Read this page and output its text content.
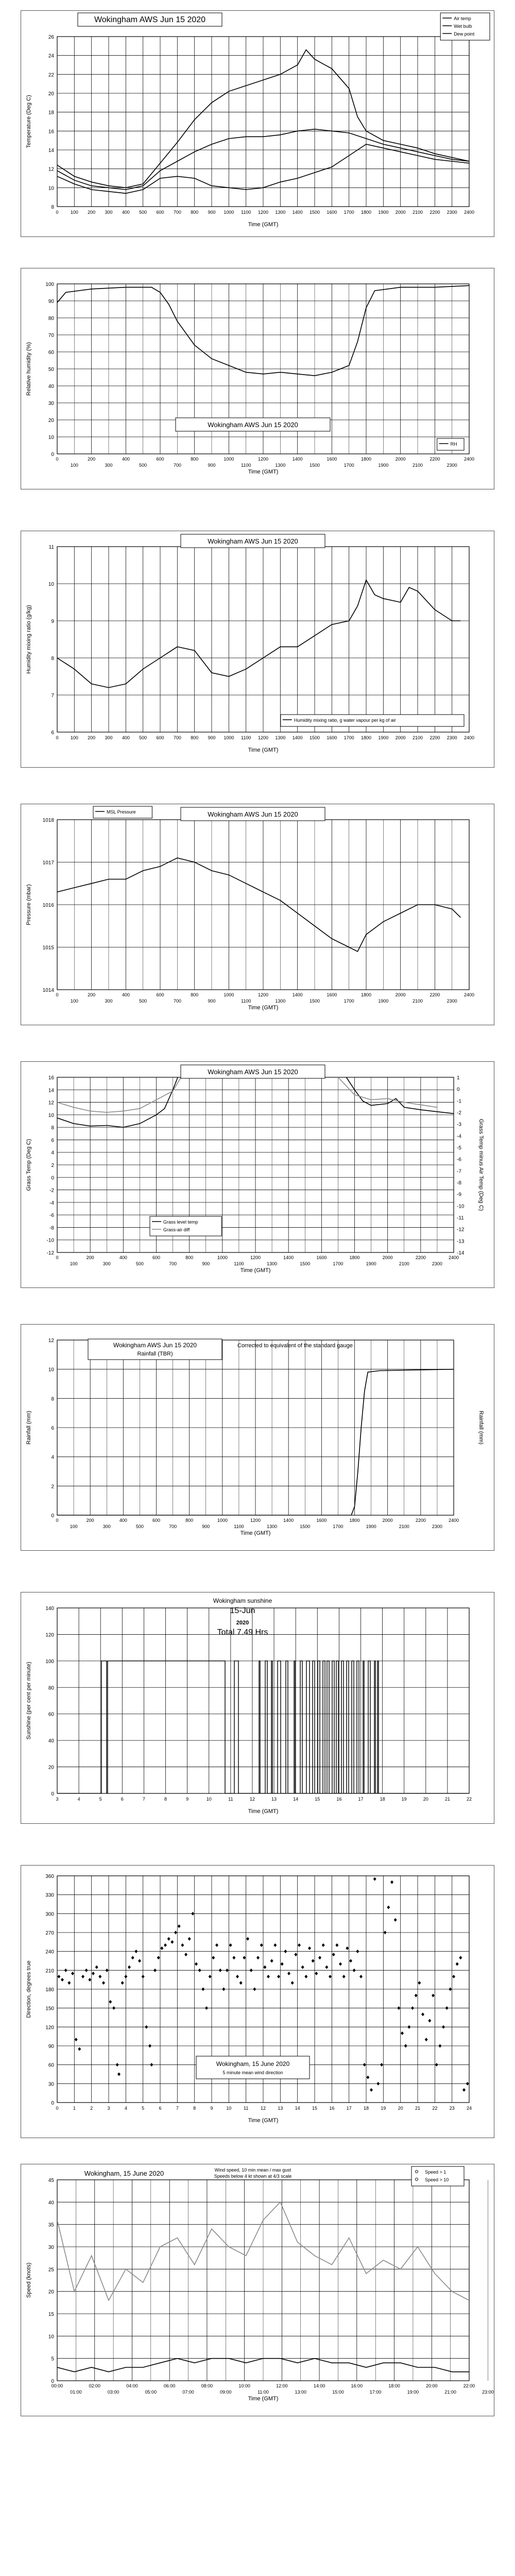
8
10
12
14
16
18
20
22
24
26
0	100 200 300 400 500 600 700 800 900 1000 1100 1200 1300 1400 1500 1600 1700 1800 1900 2000 2100 2200 2300 2400
Time (GMT)
Temperature (Deg C)
Wokingham AWS Jun 15 2020	Air temp
Wet bulb
Dew point
0
10
20
30
40
50
60
70
80
90
100
0	200	400	600	800	1000	1200	1400	1600	1800	2000	2200	2400
100	300	500	700	900	1100	1300	1500	1700	1900	2100	2300
Time (GMT)
Relative humidity (%)
Wokingham AWS Jun 15 2020
RH
6
7
8
9
10
11
0	100 200 300 400 500 600 700 800 900 1000 1100 1200 1300 1400 1500 1600 1700 1800 1900 2000 2100 2200 2300 2400
Time (GMT)
Humidity mixing ratio (g/kg)
Wokingham AWS Jun 15 2020
Humidity mixing ratio, g water vapour per kg of air
1014
1015
1016
1017
1018
0	200	400	600	800	1000	1200	1400	1600	1800	2000	2200	2400
100	300	500	700	900	1100	1300	1500	1700	1900	2100	2300
Time (GMT)
Pressure (mbar)
Wokingham AWS Jun 15 2020
MSL Pressure
-12
-10
-8
-6
-4
-2
0
2
4
6
8
10
12
14
16
-14
-13
-12
-11
-10
-9
-8
-7
-6
-5
-4
-3
-2
-1
0
1
0	200	400	600	800	1000	1200	1400	1600	1800	2000	2200	2400
100	300	500	700	900	1100	1300	1500	1700	1900	2100	2300
Time (GMT)
Grass Temp (Deg C)	Grass Temp minus Air Temp (Deg C)
Wokingham AWS Jun 15 2020
Grass level temp
Grass-air diff
0
2
4
6
8
10
12
0	200	400	600	800	1000	1200	1400	1600	1800	2000	2200	2400
100	300	500	700	900	1100	1300	1500	1700	1900	2100	2300
Time (GMT)
Rainfall (mm)	Rainfall (mm)
Wokingham AWS Jun 15 2020
Rainfall (TBR)
Corrected to equivalent of the standard gauge
0
20
40
60
80
100
120
140
3	4	5	6	7	8	9	10	11	12	13	14	15	16	17	18	19	20	21	22
Time (GMT)
Sunshine (per cent per minute)
Wokingham sunshine
15-Jun
2020
Total 7.49 Hrs
0
30
60
90
120
150
180
210
240
270
300
330
360
0	1	2	3	4	5	6	7	8	9	10	11	12	13	14	15	16	17	18	19	20	21	22	23	24
Time (GMT)
Direction, degrees true
Wokingham, 15 June 2020
5 minute mean wind direction
0
5
10
15
20
25
30
35
40
45
00:00	02:00	04:00	06:00	08:00	10:00	12:00	14:00	16:00	18:00	20:00	22:00
01:00	03:00	05:00	07:00	09:00	11:00	13:00	15:00	17:00	19:00	21:00	23:00
Time (GMT)
Speed (knots)
Wokingham, 15 June 2020	Wind speed, 10 min mean / max gust
Speeds below 4 kt shown at 4/3 scale
Speed > 1
Speed > 10
